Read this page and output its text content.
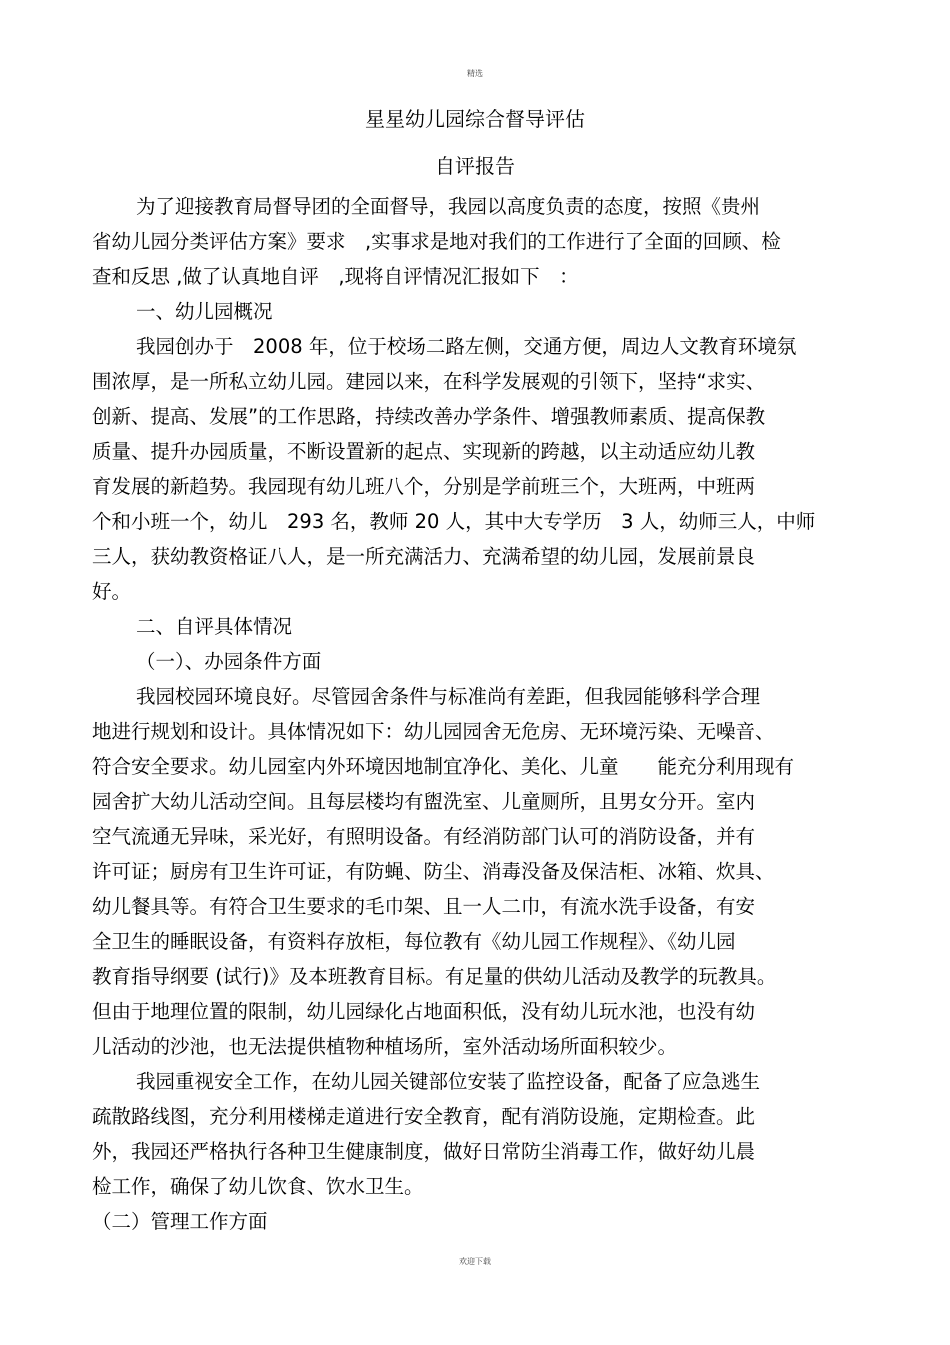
精选
星星幼儿园综合督导评估
自评报告
为了迎接教育局督导团的全面督导，我园以高度负责的态度，按照《贵州
省幼儿园分类评估方案》要求　,实事求是地对我们的工作进行了全面的回顾、检
查和反思 ,做了认真地自评　,现将自评情况汇报如下　：
一、幼儿园概况
我园创办于　2008 年，位于校场二路左侧，交通方便，周边人文教育环境氛
围浓厚，是一所私立幼儿园。建园以来，在科学发展观的引领下，坚持“求实、
创新、提高、发展”的工作思路，持续改善办学条件、增强教师素质、提高保教
质量、提升办园质量，不断设置新的起点、实现新的跨越，以主动适应幼儿教
育发展的新趋势。我园现有幼儿班八个，分别是学前班三个，大班两，中班两
个和小班一个，幼儿　293 名，教师 20 人，其中大专学历　3 人，幼师三人，中师
三人，获幼教资格证八人，是一所充满活力、充满希望的幼儿园，发展前景良
好。
二、自评具体情况
（一）、办园条件方面
我园校园环境良好。尽管园舍条件与标准尚有差距，但我园能够科学合理
地进行规划和设计。具体情况如下：幼儿园园舍无危房、无环境污染、无噪音、
符合安全要求。幼儿园室内外环境因地制宜净化、美化、儿童　　能充分利用现有
园舍扩大幼儿活动空间。且每层楼均有盥洗室、儿童厕所，且男女分开。室内
空气流通无异味，采光好，有照明设备。有经消防部门认可的消防设备，并有
许可证；厨房有卫生许可证，有防蝇、防尘、消毒没备及保洁柜、冰箱、炊具、
幼儿餐具等。有符合卫生要求的毛巾架、且一人二巾，有流水洗手设备，有安
全卫生的睡眠设备，有资料存放柜，每位教有《幼儿园工作规程》、《幼儿园
教育指导纲要 (试行)》及本班教育目标。有足量的供幼儿活动及教学的玩教具。
但由于地理位置的限制，幼儿园绿化占地面积低，没有幼儿玩水池，也没有幼
儿活动的沙池，也无法提供植物种植场所，室外活动场所面积较少。
我园重视安全工作，在幼儿园关键部位安装了监控设备，配备了应急逃生
疏散路线图，充分利用楼梯走道进行安全教育，配有消防设施，定期检查。此
外，我园还严格执行各种卫生健康制度，做好日常防尘消毒工作，做好幼儿晨
检工作，确保了幼儿饮食、饮水卫生。
（二）管理工作方面
欢迎下载
